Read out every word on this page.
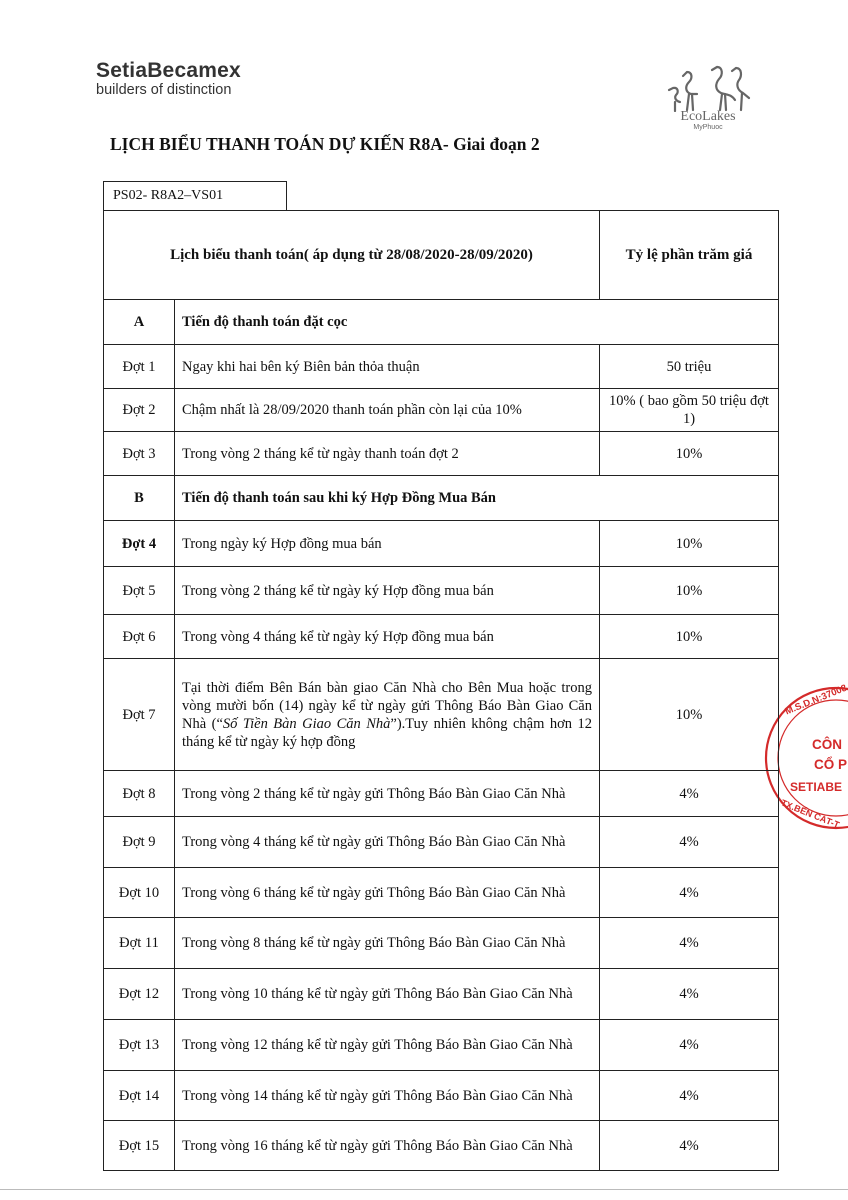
SetiaBecamex
builders of distinction
EcoLakes
MyPhuoc
LỊCH BIỂU THANH TOÁN DỰ KIẾN R8A- Giai đoạn 2
PS02- R8A2–VS01
Lịch biểu thanh toán( áp dụng từ 28/08/2020-28/09/2020)		Tỷ lệ phần trăm giá
A	Tiến độ thanh toán đặt cọc	
Đợt 1	Ngay khi hai bên ký Biên bản thỏa thuận	50 triệu
Đợt 2	Chậm nhất là 28/09/2020 thanh toán phần còn lại của 10%	10% ( bao gồm 50 triệu đợt 1)
Đợt 3	Trong vòng 2 tháng kể từ ngày thanh toán đợt 2	10%
B	Tiến độ thanh toán sau khi ký Hợp Đồng Mua Bán	
Đợt 4	Trong ngày ký Hợp đồng mua bán	10%
Đợt 5	Trong vòng 2 tháng kể từ ngày ký Hợp đồng mua bán	10%
Đợt 6	Trong vòng 4 tháng kể từ ngày ký Hợp đồng mua bán	10%
Đợt 7	Tại thời điểm Bên Bán bàn giao Căn Nhà cho Bên Mua hoặc trong vòng mười bốn (14) ngày kể từ ngày gửi Thông Báo Bàn Giao Căn Nhà (“Số Tiền Bàn Giao Căn Nhà”).Tuy nhiên không chậm hơn 12 tháng kể từ ngày ký hợp đồng	10%
Đợt 8	Trong vòng 2 tháng kể từ ngày gửi Thông Báo Bàn Giao Căn Nhà	4%
Đợt 9	Trong vòng 4 tháng kể từ ngày gửi Thông Báo Bàn Giao Căn Nhà	4%
Đợt 10	Trong vòng 6 tháng kể từ ngày gửi Thông Báo Bàn Giao Căn Nhà	4%
Đợt 11	Trong vòng 8 tháng kể từ ngày gửi Thông Báo Bàn Giao Căn Nhà	4%
Đợt 12	Trong vòng 10 tháng kể từ ngày gửi Thông Báo Bàn Giao Căn Nhà	4%
Đợt 13	Trong vòng 12 tháng kể từ ngày gửi Thông Báo Bàn Giao Căn Nhà	4%
Đợt 14	Trong vòng 14 tháng kể từ ngày gửi Thông Báo Bàn Giao Căn Nhà	4%
Đợt 15	Trong vòng 16 tháng kể từ ngày gửi Thông Báo Bàn Giao Căn Nhà	4%
M.S.D.N:37008
CÔN
CỔ P
SETIABE
TX.BẾN CÁT-T
